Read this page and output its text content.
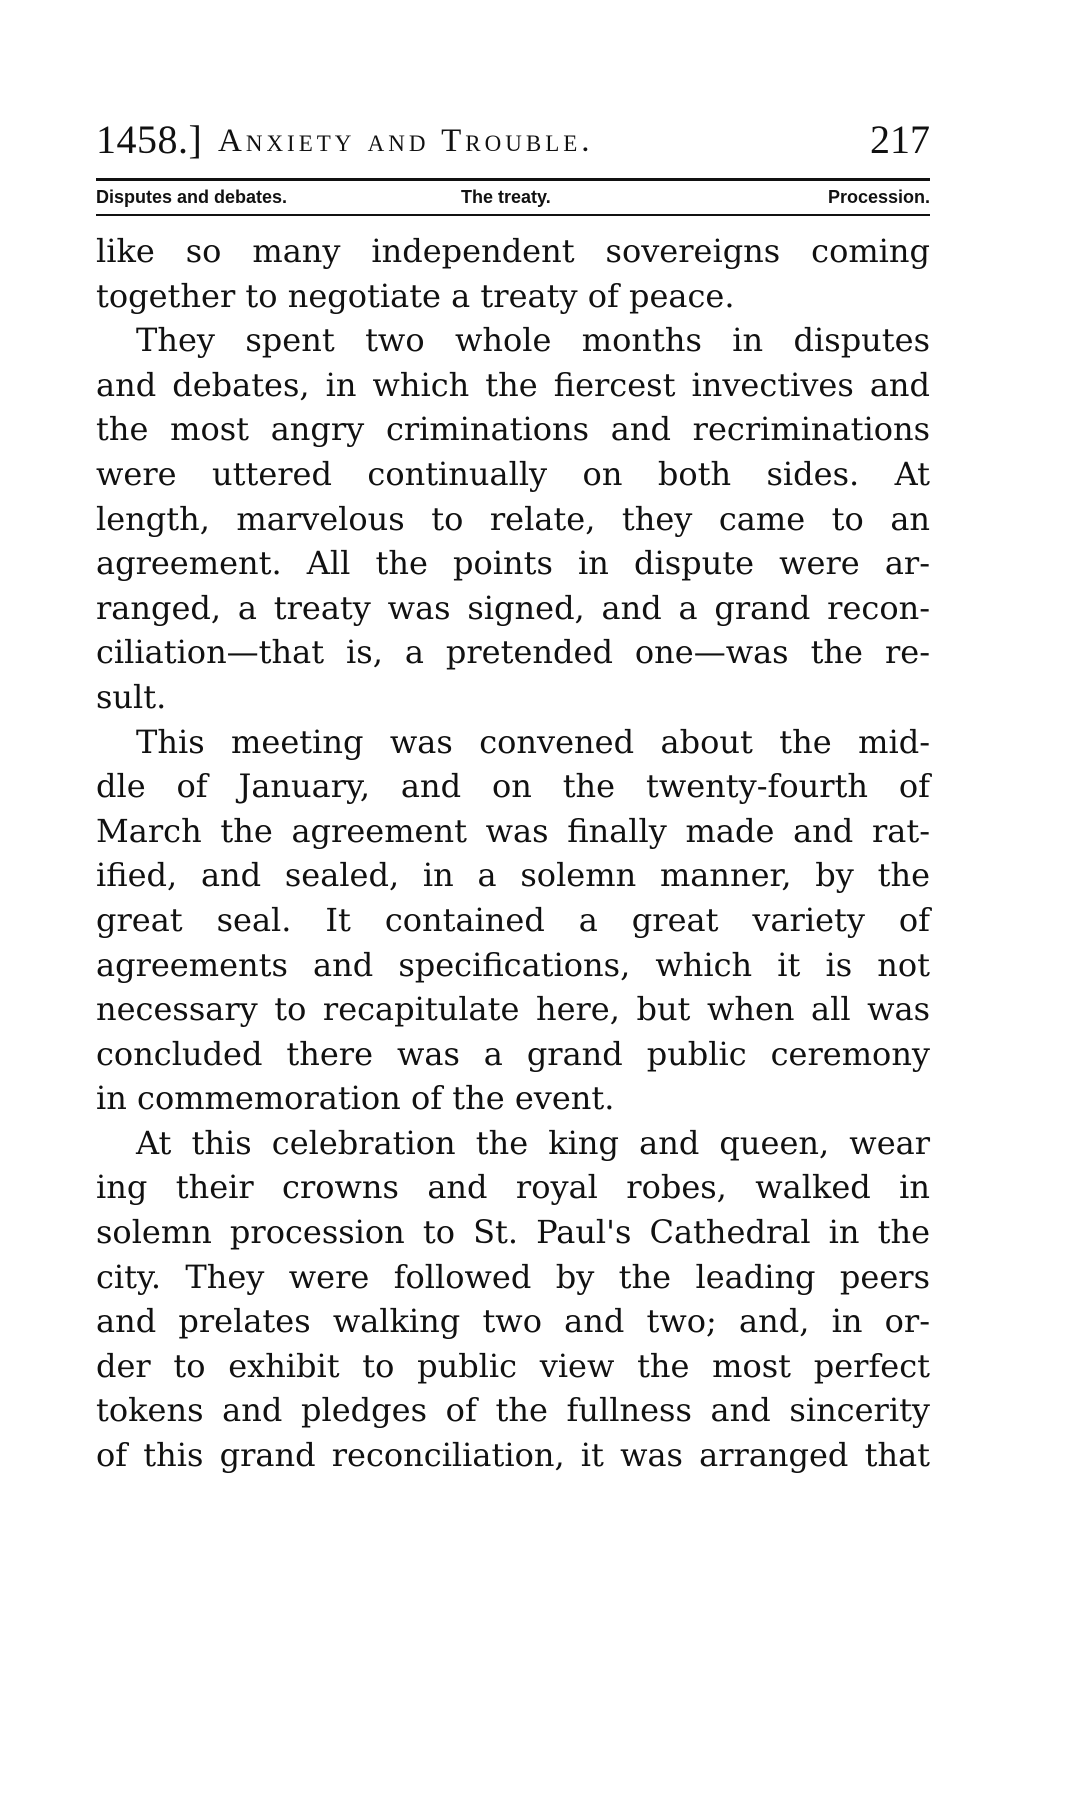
1458.] Anxiety and Trouble.	217
Disputes and debates.	The treaty.	Procession.
like so many independent sovereigns coming
together to negotiate a treaty of peace.
They spent two whole months in disputes
and debates, in which the fiercest invectives and
the most angry criminations and recriminations
were uttered continually on both sides. At
length, marvelous to relate, they came to an
agreement. All the points in dispute were ar-
ranged, a treaty was signed, and a grand recon-
ciliation—that is, a pretended one—was the re-
sult.
This meeting was convened about the mid-
dle of January, and on the twenty-fourth of
March the agreement was finally made and rat-
ified, and sealed, in a solemn manner, by the
great seal. It contained a great variety of
agreements and specifications, which it is not
necessary to recapitulate here, but when all was
concluded there was a grand public ceremony
in commemoration of the event.
At this celebration the king and queen, wear
ing their crowns and royal robes, walked in
solemn procession to St. Paul's Cathedral in the
city. They were followed by the leading peers
and prelates walking two and two; and, in or-
der to exhibit to public view the most perfect
tokens and pledges of the fullness and sincerity
of this grand reconciliation, it was arranged that
